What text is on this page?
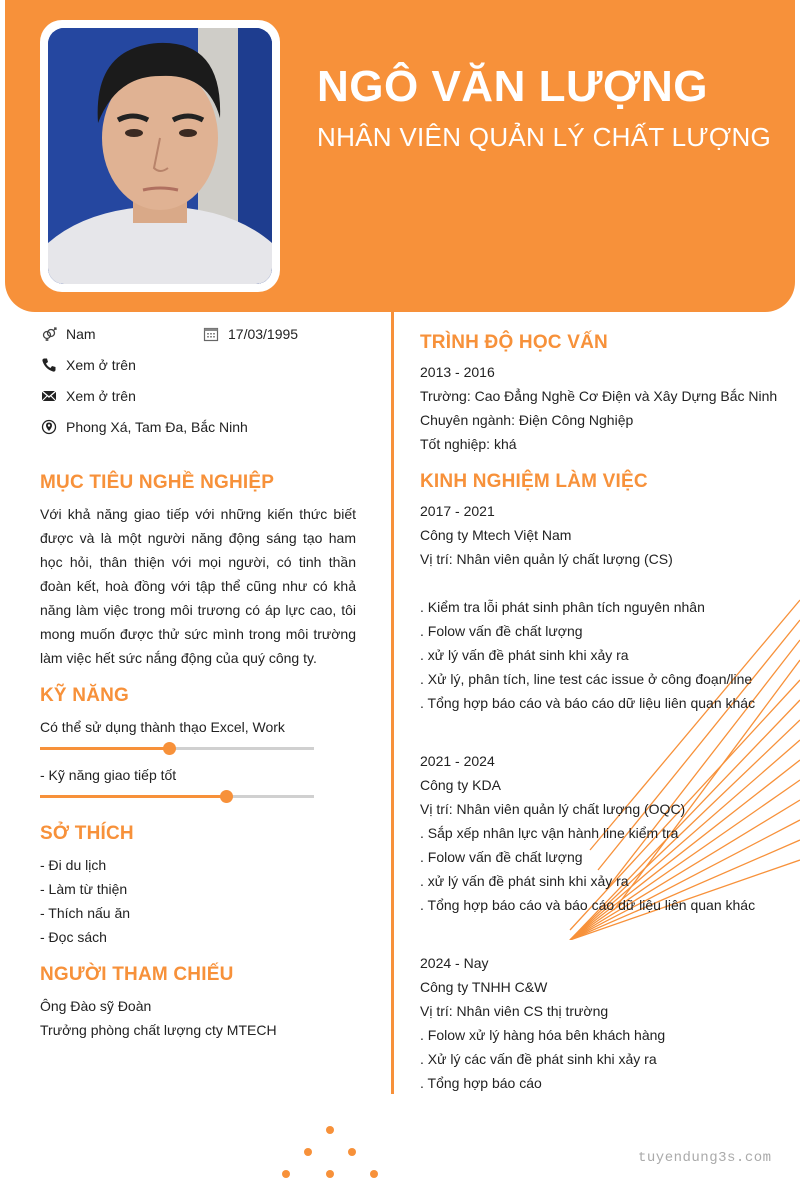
NGÔ VĂN LƯỢNG
NHÂN VIÊN QUẢN LÝ CHẤT LƯỢNG
Nam	17/03/1995
Xem ở trên
Xem ở trên
Phong Xá, Tam Đa, Bắc Ninh
MỤC TIÊU NGHỀ NGHIỆP
Với khả năng giao tiếp với những kiến thức biết được và là một người năng động sáng tạo ham học hỏi, thân thiện với mọi người, có tinh thần đoàn kết, hoà đồng với tập thể cũng như có khả năng làm việc trong môi trương có áp lực cao, tôi mong muốn được thử sức mình trong môi trường làm việc hết sức nắng động của quý công ty.
KỸ NĂNG
Có thể sử dụng thành thạo Excel, Work
- Kỹ năng giao tiếp tốt
SỞ THÍCH
- Đi du lịch
- Làm từ thiện
- Thích nấu ăn
- Đọc sách
NGƯỜI THAM CHIẾU
Ông Đào sỹ Đoàn
Trưởng phòng chất lượng cty MTECH
TRÌNH ĐỘ HỌC VẤN
2013 - 2016
Trường: Cao Đẳng Nghề Cơ Điện và Xây Dựng Bắc Ninh
Chuyên ngành: Điện Công Nghiệp
Tốt nghiệp: khá
KINH NGHIỆM LÀM VIỆC
2017 - 2021
Công ty Mtech Việt Nam
Vị trí: Nhân viên quản lý chất lượng (CS)
. Kiểm tra lỗi phát sinh phân tích nguyên nhân
. Folow vấn đề chất lượng
. xử lý vấn đề phát sinh khi xảy ra
. Xử lý, phân tích, line test các issue ở công đoạn/line
. Tổng hợp báo cáo và báo cáo dữ liệu liên quan khác
2021 - 2024
Công ty KDA
Vị trí: Nhân viên quản lý chất lượng (OQC)
. Sắp xếp nhân lực vận hành line kiểm tra
. Folow vấn đề chất lượng
. xử lý vấn đề phát sinh khi xảy ra
. Tổng hợp báo cáo và báo cáo dữ liệu liên quan khác
2024 - Nay
Công ty TNHH C&W
Vị trí: Nhân viên CS thị trường
. Folow xử lý hàng hóa bên khách hàng
. Xử lý các vấn đề phát sinh khi xảy ra
. Tổng hợp báo cáo
tuyendung3s.com
